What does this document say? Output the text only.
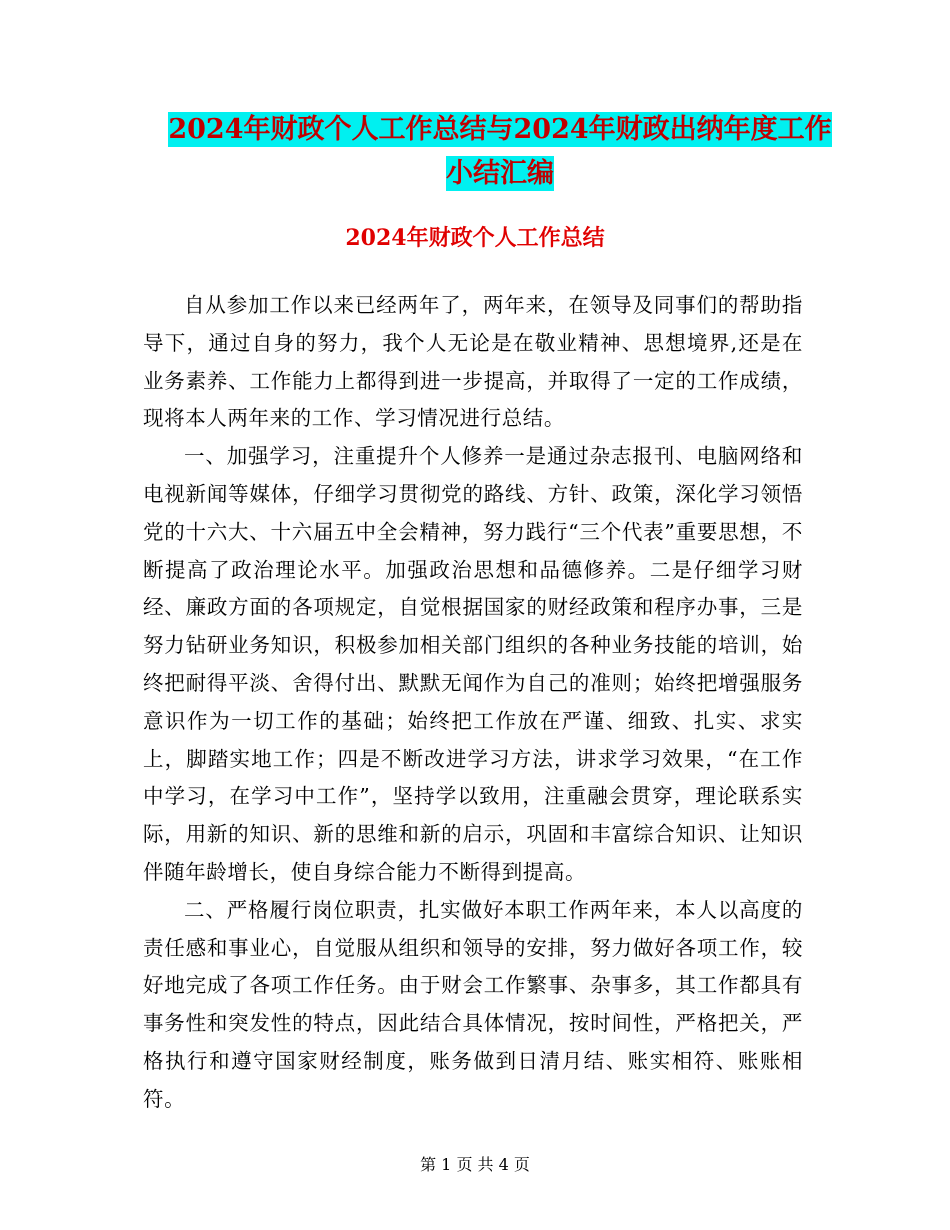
2024年财政个人工作总结与2024年财政出纳年度工作
小结汇编
2024年财政个人工作总结

自从参加工作以来已经两年了，两年来，在领导及同事们的帮助指导下，通过自身的努力，我个人无论是在敬业精神、思想境界,还是在业务素养、工作能力上都得到进一步提高，并取得了一定的工作成绩，现将本人两年来的工作、学习情况进行总结。

一、加强学习，注重提升个人修养一是通过杂志报刊、电脑网络和电视新闻等媒体，仔细学习贯彻党的路线、方针、政策，深化学习领悟党的十六大、十六届五中全会精神，努力践行“三个代表”重要思想，不断提高了政治理论水平。加强政治思想和品德修养。二是仔细学习财经、廉政方面的各项规定，自觉根据国家的财经政策和程序办事，三是努力钻研业务知识，积极参加相关部门组织的各种业务技能的培训，始终把耐得平淡、舍得付出、默默无闻作为自己的准则；始终把增强服务意识作为一切工作的基础；始终把工作放在严谨、细致、扎实、求实上，脚踏实地工作；四是不断改进学习方法，讲求学习效果，“在工作中学习，在学习中工作”，坚持学以致用，注重融会贯穿，理论联系实际，用新的知识、新的思维和新的启示，巩固和丰富综合知识、让知识伴随年龄增长，使自身综合能力不断得到提高。

二、严格履行岗位职责，扎实做好本职工作两年来，本人以高度的责任感和事业心，自觉服从组织和领导的安排，努力做好各项工作，较好地完成了各项工作任务。由于财会工作繁事、杂事多，其工作都具有事务性和突发性的特点，因此结合具体情况，按时间性，严格把关，严格执行和遵守国家财经制度，账务做到日清月结、账实相符、账账相符。

第 1 页 共 4 页
